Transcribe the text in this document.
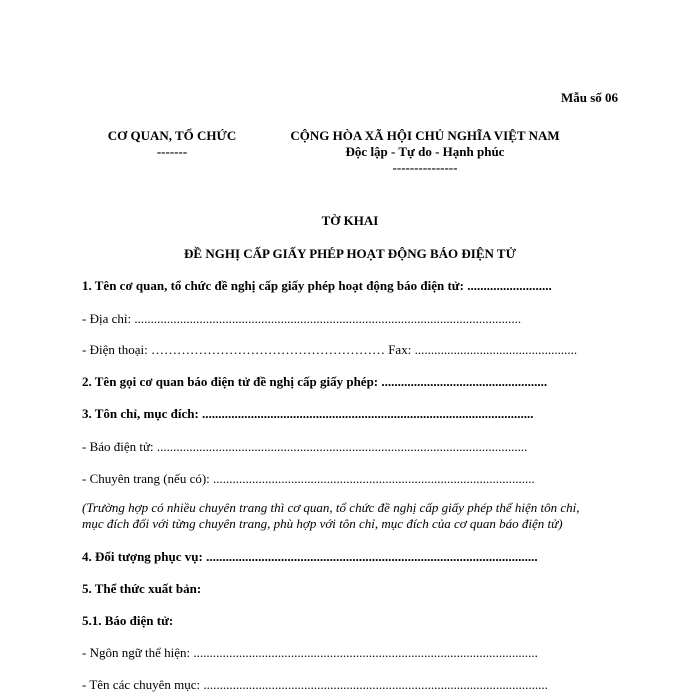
Mẫu số 06
CƠ QUAN, TỔ CHỨC
-------
CỘNG HÒA XÃ HỘI CHỦ NGHĨA VIỆT NAM
Độc lập - Tự do - Hạnh phúc
---------------
TỜ KHAI
ĐỀ NGHỊ CẤP GIẤY PHÉP HOẠT ĐỘNG BÁO ĐIỆN TỬ
1. Tên cơ quan, tổ chức đề nghị cấp giấy phép hoạt động báo điện tử: ..........................
- Địa chỉ: .......................................................................................................................
- Điện thoại: ……………………………………………… Fax: ..................................................
2. Tên gọi cơ quan báo điện tử đề nghị cấp giấy phép: ...................................................
3. Tôn chỉ, mục đích: ......................................................................................................
- Báo điện tử: ..................................................................................................................
- Chuyên trang (nếu có): ...................................................................................................
(Trường hợp có nhiều chuyên trang thì cơ quan, tổ chức đề nghị cấp giấy phép thể hiện tôn chỉ,
mục đích đối với từng chuyên trang, phù hợp với tôn chỉ, mục đích của cơ quan báo điện tử)
4. Đối tượng phục vụ: ......................................................................................................
5. Thể thức xuất bản:
5.1. Báo điện tử:
- Ngôn ngữ thể hiện: ..........................................................................................................
- Tên các chuyên mục: ..........................................................................................................
